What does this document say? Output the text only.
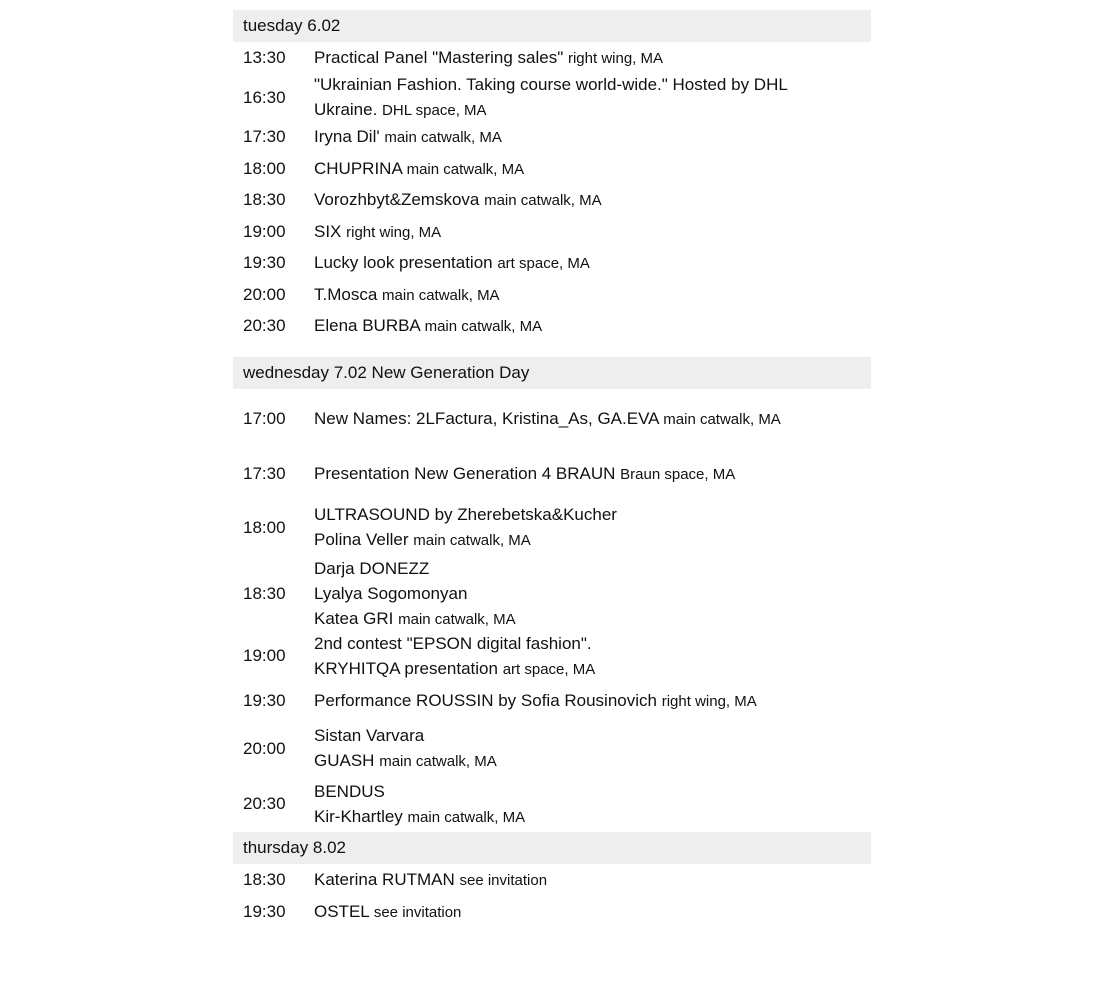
tuesday 6.02
13:30	Practical Panel "Mastering sales" right wing, MA
16:30
"Ukrainian Fashion. Taking course world-wide." Hosted by DHL
Ukraine. DHL space, MA
17:30	Iryna Dil' main catwalk, MA
18:00	CHUPRINA main catwalk, MA
18:30	Vorozhbyt&Zemskova main catwalk, MA
19:00	SIX right wing, MA
19:30	Lucky look presentation art space, MA
20:00	T.Mosca main catwalk, MA
20:30	Elena BURBA main catwalk, MA
wednesday 7.02 New Generation Day
17:00	New Names: 2LFactura, Kristina_As, GA.EVA main catwalk, MA
17:30	Presentation New Generation 4 BRAUN Braun space, MA
18:00
ULTRASOUND by Zherebetska&Kucher
Polina Veller main catwalk, MA
18:30
Darja DONEZZ
Lyalya Sogomonyan
Katea GRI main catwalk, MA
19:00
2nd contest "EPSON digital fashion".
KRYHITQA presentation art space, MA
19:30	Performance ROUSSIN by Sofia Rousinovich right wing, MA
20:00
Sistan Varvara
GUASH main catwalk, MA
20:30
BENDUS
Kir-Khartley main catwalk, MA
thursday 8.02
18:30	Katerina RUTMAN see invitation
19:30	OSTEL see invitation
